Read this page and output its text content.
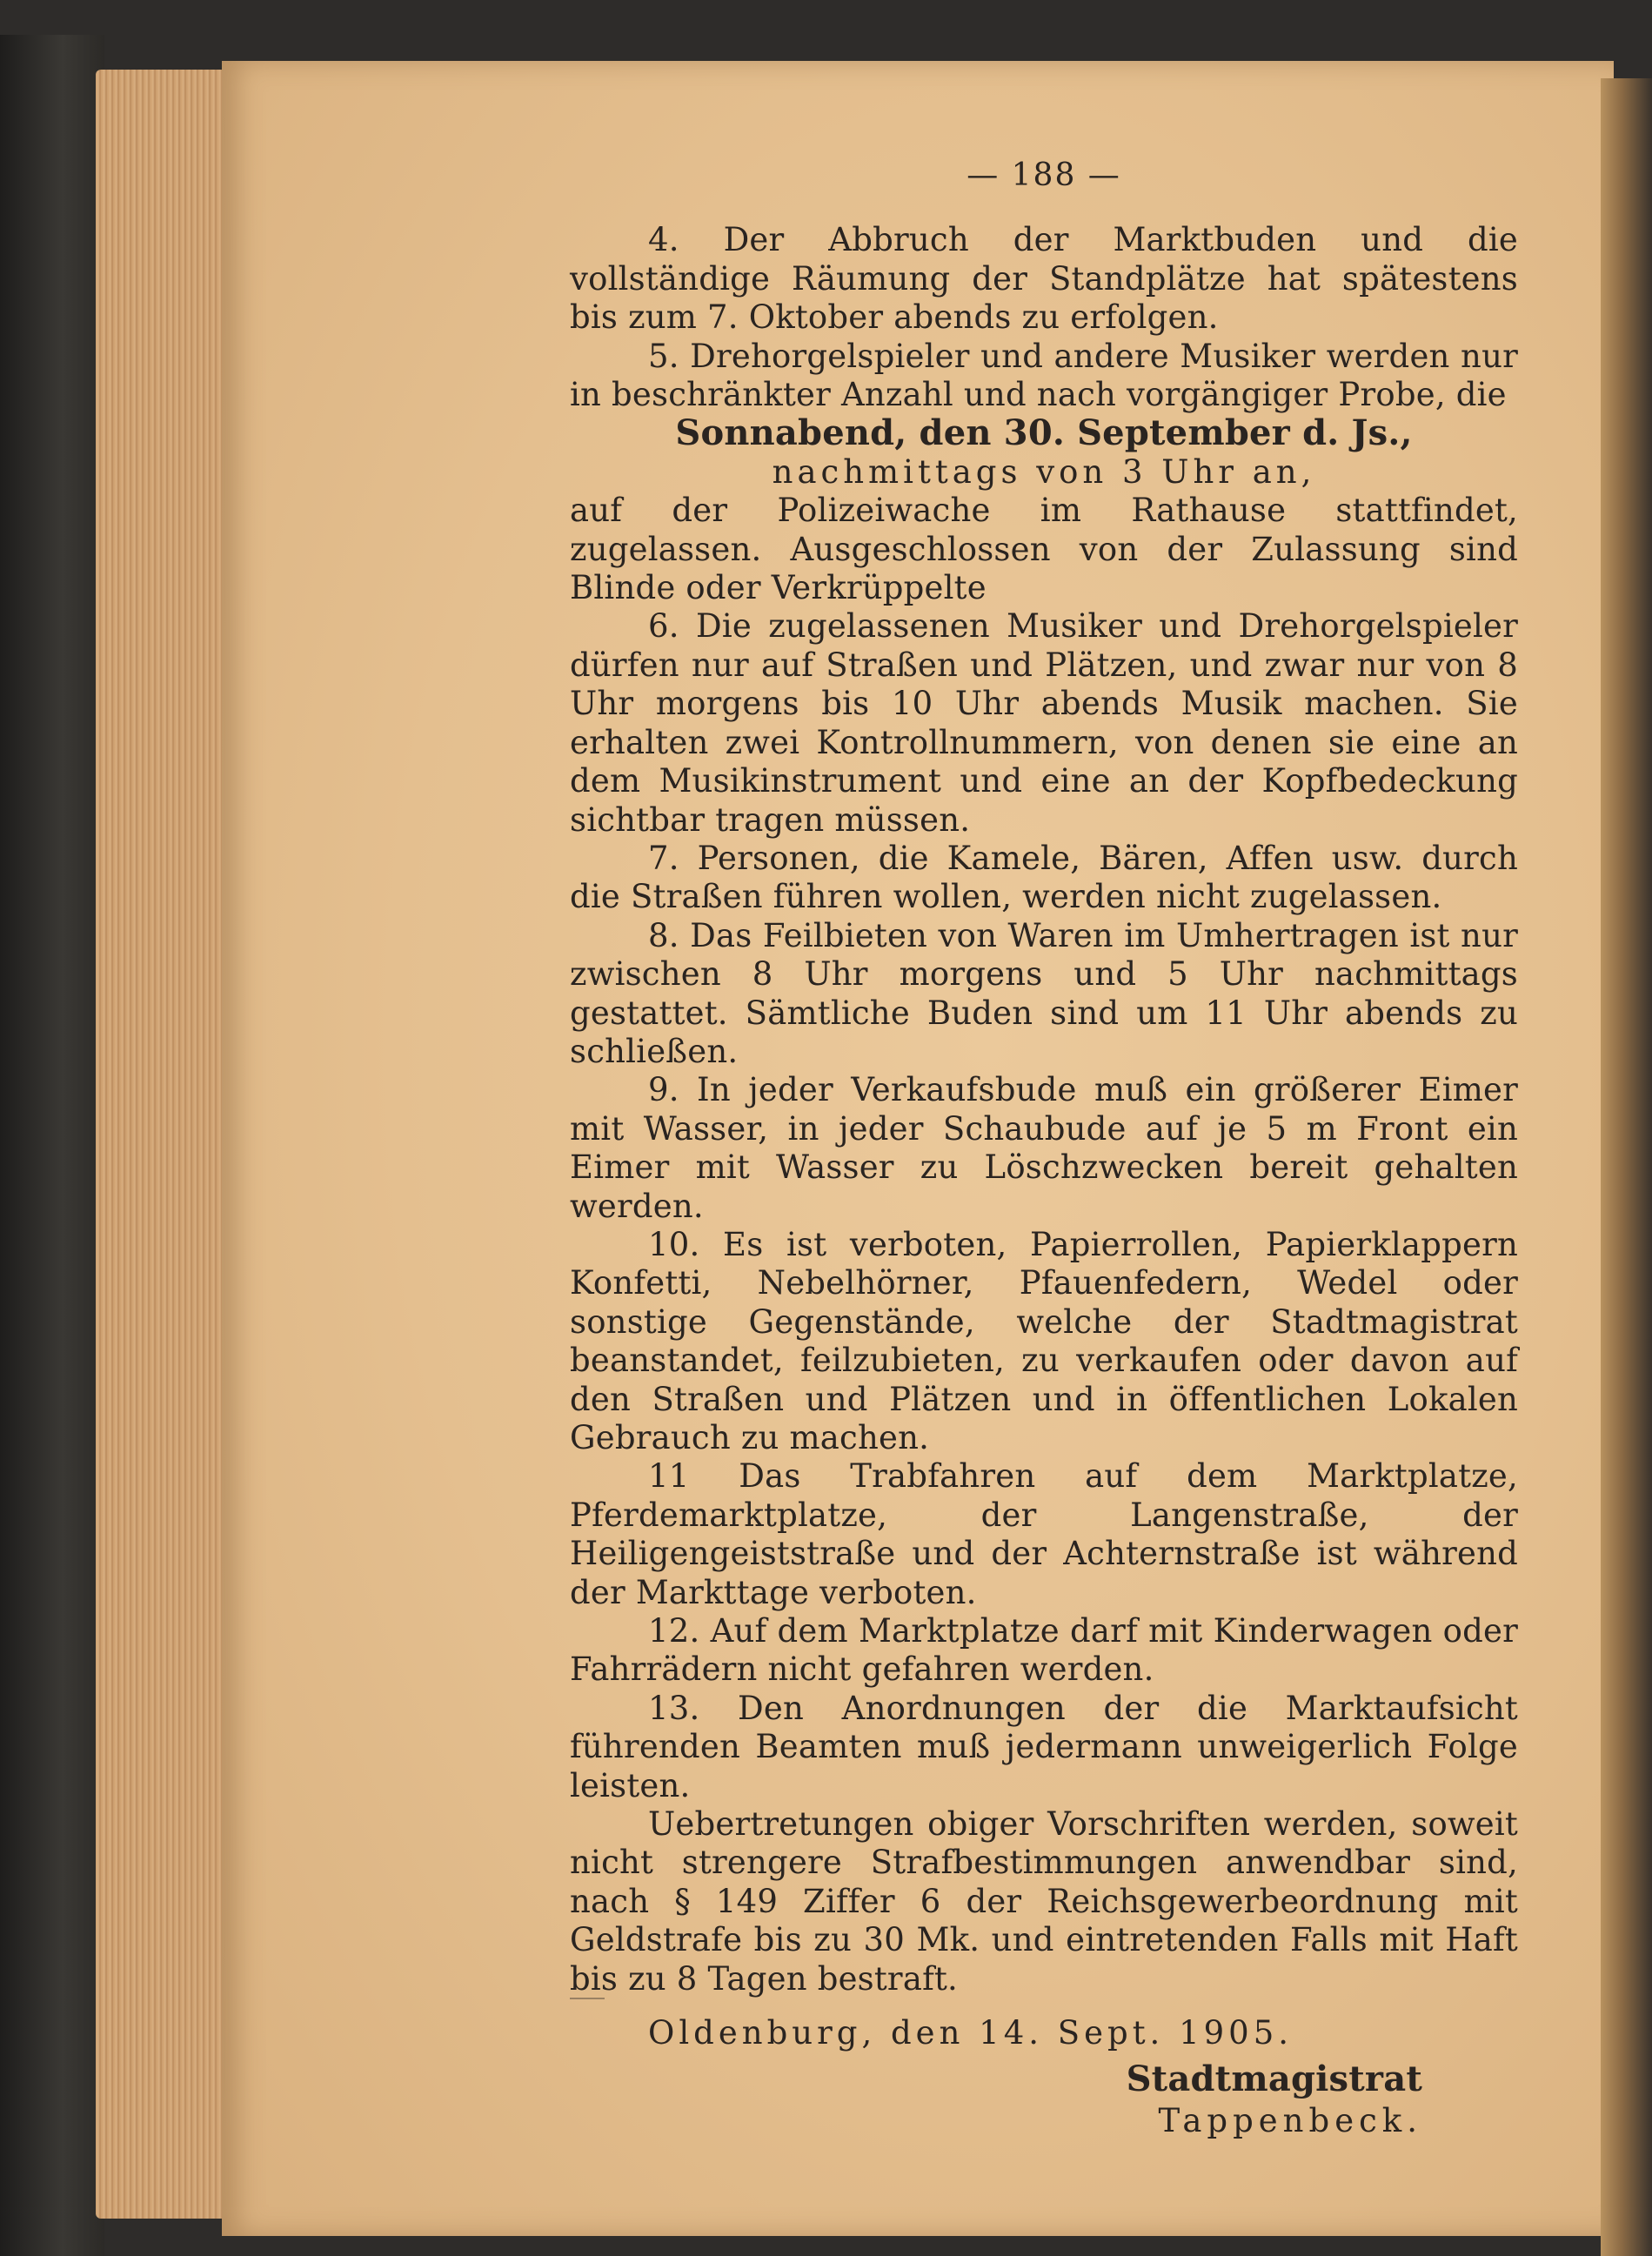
— 188 —

4. Der Abbruch der Marktbuden und die vollständige Räumung der Standplätze hat spätestens bis zum 7. Oktober abends zu erfolgen.

5. Drehorgelspieler und andere Musiker werden nur in beschränkter Anzahl und nach vorgängiger Probe, die

Sonnabend, den 30. September d. Js.,

nachmittags von 3 Uhr an,

auf der Polizeiwache im Rathause stattfindet, zugelassen. Ausgeschlossen von der Zulassung sind Blinde oder Verkrüppelte

6. Die zugelassenen Musiker und Drehorgelspieler dürfen nur auf Straßen und Plätzen, und zwar nur von 8 Uhr morgens bis 10 Uhr abends Musik machen. Sie erhalten zwei Kontrollnummern, von denen sie eine an dem Musikinstrument und eine an der Kopfbedeckung sichtbar tragen müssen.

7. Personen, die Kamele, Bären, Affen usw. durch die Straßen führen wollen, werden nicht zugelassen.

8. Das Feilbieten von Waren im Umhertragen ist nur zwischen 8 Uhr morgens und 5 Uhr nachmittags gestattet. Sämtliche Buden sind um 11 Uhr abends zu schließen.

9. In jeder Verkaufsbude muß ein größerer Eimer mit Wasser, in jeder Schaubude auf je 5 m Front ein Eimer mit Wasser zu Löschzwecken bereit gehalten werden.

10. Es ist verboten, Papierrollen, Papierklappern Konfetti, Nebelhörner, Pfauenfedern, Wedel oder sonstige Gegenstände, welche der Stadtmagistrat beanstandet, feilzubieten, zu verkaufen oder davon auf den Straßen und Plätzen und in öffentlichen Lokalen Gebrauch zu machen.

11 Das Trabfahren auf dem Marktplatze, Pferdemarktplatze, der Langenstraße, der Heiligengeiststraße und der Achternstraße ist während der Markttage verboten.

12. Auf dem Marktplatze darf mit Kinderwagen oder Fahrrädern nicht gefahren werden.

13. Den Anordnungen der die Marktaufsicht führenden Beamten muß jedermann unweigerlich Folge leisten.

Uebertretungen obiger Vorschriften werden, soweit nicht strengere Strafbestimmungen anwendbar sind, nach § 149 Ziffer 6 der Reichsgewerbeordnung mit Geldstrafe bis zu 30 Mk. und eintretenden Falls mit Haft bis zu 8 Tagen bestraft.

Oldenburg, den 14. Sept. 1905.

Stadtmagistrat
Tappenbeck.
